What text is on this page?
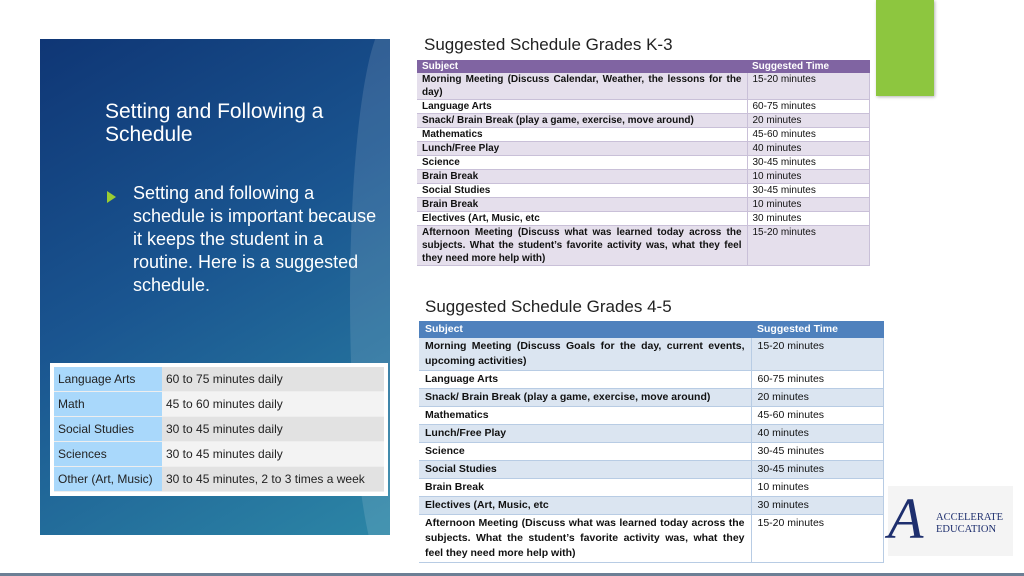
Setting and Following a Schedule
Setting and following a schedule is important because it keeps the student in a routine. Here is a suggested schedule.
Language Arts	60 to 75 minutes daily
Math	45 to 60 minutes daily
Social Studies	30 to 45 minutes daily
Sciences	30 to 45 minutes daily
Other (Art, Music)	30 to 45 minutes, 2 to 3 times a week
Suggested Schedule Grades K-3
Subject	Suggested Time
Morning Meeting (Discuss Calendar, Weather, the lessons for the day)	15-20 minutes
Language Arts	60-75 minutes
Snack/ Brain Break (play a game, exercise, move around)	20 minutes
Mathematics	45-60 minutes
Lunch/Free Play	40 minutes
Science	30-45 minutes
Brain Break	10 minutes
Social Studies	30-45 minutes
Brain Break	10 minutes
Electives (Art, Music, etc	30 minutes
Afternoon Meeting (Discuss what was learned today across the subjects. What the student’s favorite activity was, what they feel they need more help with)	15-20 minutes
Suggested Schedule Grades 4-5
Subject	Suggested Time
Morning Meeting (Discuss Goals for the day, current events, upcoming activities)	15-20 minutes
Language Arts	60-75 minutes
Snack/ Brain Break (play a game, exercise, move around)	20 minutes
Mathematics	45-60 minutes
Lunch/Free Play	40 minutes
Science	30-45 minutes
Social Studies	30-45 minutes
Brain Break	10 minutes
Electives (Art, Music, etc	30 minutes
Afternoon Meeting (Discuss what was learned today across the subjects. What the student’s favorite activity was, what they feel they need more help with)	15-20 minutes A ACCELERATE
EDUCATION
